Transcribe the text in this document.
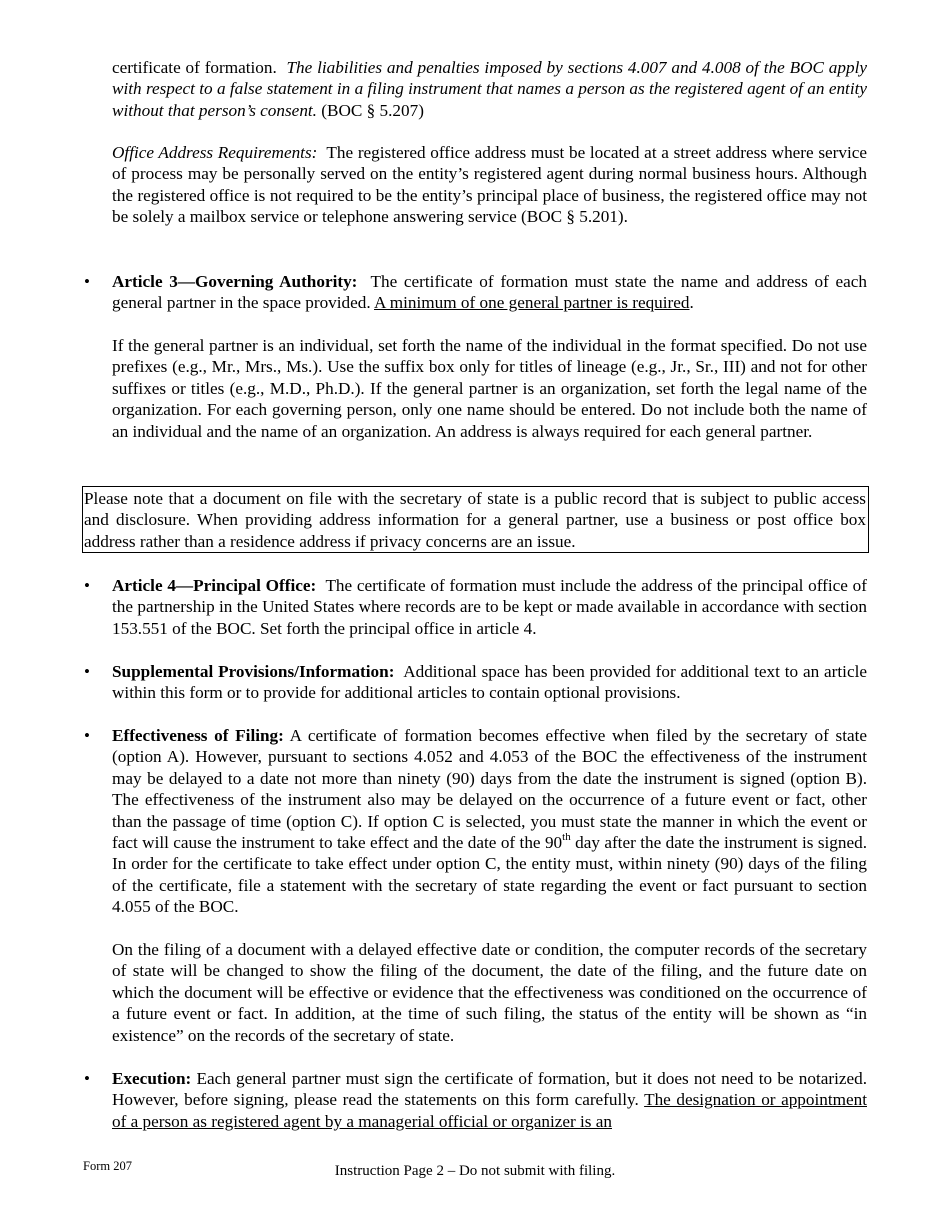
certificate of formation. The liabilities and penalties imposed by sections 4.007 and 4.008 of the BOC apply with respect to a false statement in a filing instrument that names a person as the registered agent of an entity without that person’s consent. (BOC § 5.207)

Office Address Requirements: The registered office address must be located at a street address where service of process may be personally served on the entity’s registered agent during normal business hours. Although the registered office is not required to be the entity’s principal place of business, the registered office may not be solely a mailbox service or telephone answering service (BOC § 5.201).

• Article 3—Governing Authority: The certificate of formation must state the name and address of each general partner in the space provided. A minimum of one general partner is required.

If the general partner is an individual, set forth the name of the individual in the format specified. Do not use prefixes (e.g., Mr., Mrs., Ms.). Use the suffix box only for titles of lineage (e.g., Jr., Sr., III) and not for other suffixes or titles (e.g., M.D., Ph.D.). If the general partner is an organization, set forth the legal name of the organization. For each governing person, only one name should be entered. Do not include both the name of an individual and the name of an organization. An address is always required for each general partner.

Please note that a document on file with the secretary of state is a public record that is subject to public access and disclosure. When providing address information for a general partner, use a business or post office box address rather than a residence address if privacy concerns are an issue.
• Article 4—Principal Office: The certificate of formation must include the address of the principal office of the partnership in the United States where records are to be kept or made available in accordance with section 153.551 of the BOC. Set forth the principal office in article 4.

• Supplemental Provisions/Information: Additional space has been provided for additional text to an article within this form or to provide for additional articles to contain optional provisions.

• Effectiveness of Filing: A certificate of formation becomes effective when filed by the secretary of state (option A). However, pursuant to sections 4.052 and 4.053 of the BOC the effectiveness of the instrument may be delayed to a date not more than ninety (90) days from the date the instrument is signed (option B). The effectiveness of the instrument also may be delayed on the occurrence of a future event or fact, other than the passage of time (option C). If option C is selected, you must state the manner in which the event or fact will cause the instrument to take effect and the date of the 90th day after the date the instrument is signed. In order for the certificate to take effect under option C, the entity must, within ninety (90) days of the filing of the certificate, file a statement with the secretary of state regarding the event or fact pursuant to section 4.055 of the BOC.

On the filing of a document with a delayed effective date or condition, the computer records of the secretary of state will be changed to show the filing of the document, the date of the filing, and the future date on which the document will be effective or evidence that the effectiveness was conditioned on the occurrence of a future event or fact. In addition, at the time of such filing, the status of the entity will be shown as “in existence” on the records of the secretary of state.

• Execution: Each general partner must sign the certificate of formation, but it does not need to be notarized. However, before signing, please read the statements on this form carefully. The designation or appointment of a person as registered agent by a managerial official or organizer is an

Form 207	Instruction Page 2 – Do not submit with filing.
